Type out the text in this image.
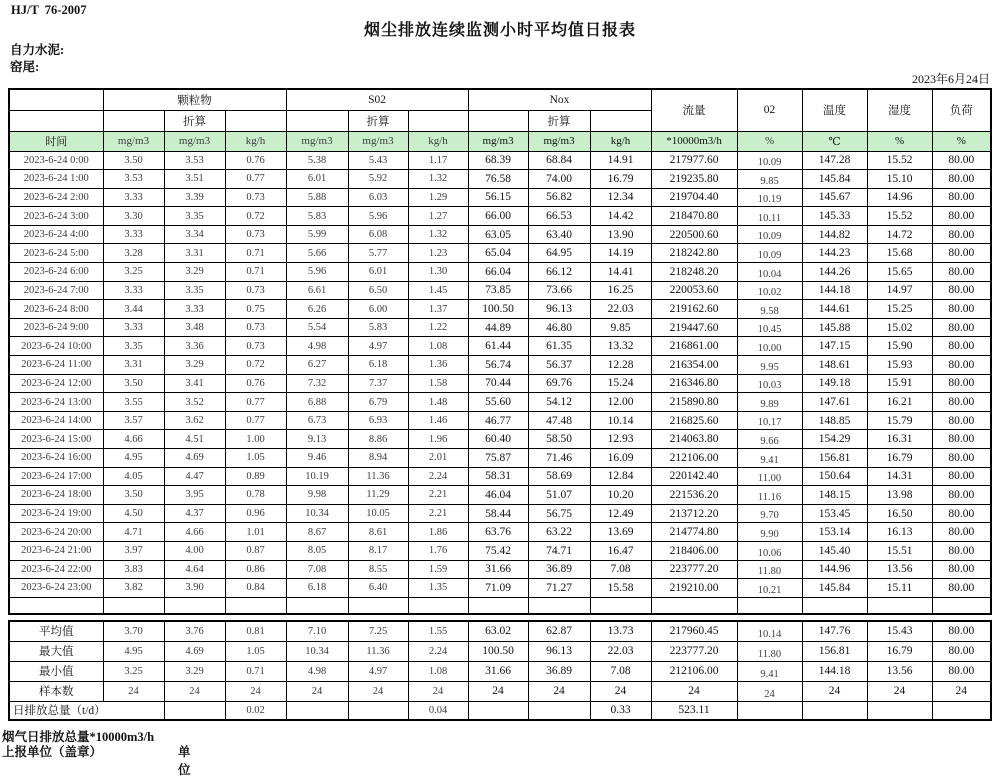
HJ/T  76-2007
烟尘排放连续监测小时平均值日报表
自力水泥:
窑尾:
2023年6月24日
	颗粒物			S02			Nox			流量	02	温度	湿度	负荷
		折算			折算			折算						
时间	mg/m3	mg/m3	kg/h	mg/m3	mg/m3	kg/h	mg/m3	mg/m3	kg/h	*10000m3/h	%	℃	%	%
2023-6-24 0:00	3.50	3.53	0.76	5.38	5.43	1.17	68.39	68.84	14.91	217977.60	10.09	147.28	15.52	80.00
2023-6-24 1:00	3.53	3.51	0.77	6.01	5.92	1.32	76.58	74.00	16.79	219235.80	9.85	145.84	15.10	80.00
2023-6-24 2:00	3.33	3.39	0.73	5.88	6.03	1.29	56.15	56.82	12.34	219704.40	10.19	145.67	14.96	80.00
2023-6-24 3:00	3.30	3.35	0.72	5.83	5.96	1.27	66.00	66.53	14.42	218470.80	10.11	145.33	15.52	80.00
2023-6-24 4:00	3.33	3.34	0.73	5.99	6.08	1.32	63.05	63.40	13.90	220500.60	10.09	144.82	14.72	80.00
2023-6-24 5:00	3.28	3.31	0.71	5.66	5.77	1.23	65.04	64.95	14.19	218242.80	10.09	144.23	15.68	80.00
2023-6-24 6:00	3.25	3.29	0.71	5.96	6.01	1.30	66.04	66.12	14.41	218248.20	10.04	144.26	15.65	80.00
2023-6-24 7:00	3.33	3.35	0.73	6.61	6.50	1.45	73.85	73.66	16.25	220053.60	10.02	144.18	14.97	80.00
2023-6-24 8:00	3.44	3.33	0.75	6.26	6.00	1.37	100.50	96.13	22.03	219162.60	9.58	144.61	15.25	80.00
2023-6-24 9:00	3.33	3.48	0.73	5.54	5.83	1.22	44.89	46.80	9.85	219447.60	10.45	145.88	15.02	80.00
2023-6-24 10:00	3.35	3.36	0.73	4.98	4.97	1.08	61.44	61.35	13.32	216861.00	10.00	147.15	15.90	80.00
2023-6-24 11:00	3.31	3.29	0.72	6.27	6.18	1.36	56.74	56.37	12.28	216354.00	9.95	148.61	15.93	80.00
2023-6-24 12:00	3.50	3.41	0.76	7.32	7.37	1.58	70.44	69.76	15.24	216346.80	10.03	149.18	15.91	80.00
2023-6-24 13:00	3.55	3.52	0.77	6.88	6.79	1.48	55.60	54.12	12.00	215890.80	9.89	147.61	16.21	80.00
2023-6-24 14:00	3.57	3.62	0.77	6.73	6.93	1.46	46.77	47.48	10.14	216825.60	10.17	148.85	15.79	80.00
2023-6-24 15:00	4.66	4.51	1.00	9.13	8.86	1.96	60.40	58.50	12.93	214063.80	9.66	154.29	16.31	80.00
2023-6-24 16:00	4.95	4.69	1.05	9.46	8.94	2.01	75.87	71.46	16.09	212106.00	9.41	156.81	16.79	80.00
2023-6-24 17:00	4.05	4.47	0.89	10.19	11.36	2.24	58.31	58.69	12.84	220142.40	11.00	150.64	14.31	80.00
2023-6-24 18:00	3.50	3.95	0.78	9.98	11.29	2.21	46.04	51.07	10.20	221536.20	11.16	148.15	13.98	80.00
2023-6-24 19:00	4.50	4.37	0.96	10.34	10.05	2.21	58.44	56.75	12.49	213712.20	9.70	153.45	16.50	80.00
2023-6-24 20:00	4.71	4.66	1.01	8.67	8.61	1.86	63.76	63.22	13.69	214774.80	9.90	153.14	16.13	80.00
2023-6-24 21:00	3.97	4.00	0.87	8.05	8.17	1.76	75.42	74.71	16.47	218406.00	10.06	145.40	15.51	80.00
2023-6-24 22:00	3.83	4.64	0.86	7.08	8.55	1.59	31.66	36.89	7.08	223777.20	11.80	144.96	13.56	80.00
2023-6-24 23:00	3.82	3.90	0.84	6.18	6.40	1.35	71.09	71.27	15.58	219210.00	10.21	145.84	15.11	80.00

平均值	3.70	3.76	0.81	7.10	7.25	1.55	63.02	62.87	13.73	217960.45	10.14	147.76	15.43	80.00
最大值	4.95	4.69	1.05	10.34	11.36	2.24	100.50	96.13	22.03	223777.20	11.80	156.81	16.79	80.00
最小值	3.25	3.29	0.71	4.98	4.97	1.08	31.66	36.89	7.08	212106.00	9.41	144.18	13.56	80.00
样本数	24	24	24	24	24	24	24	24	24	24	24	24	24	24
日排放总量（t/d）			0.02			0.04			0.33	523.11				
烟气日排放总量*10000m3/h
上报单位（盖章）	单位
